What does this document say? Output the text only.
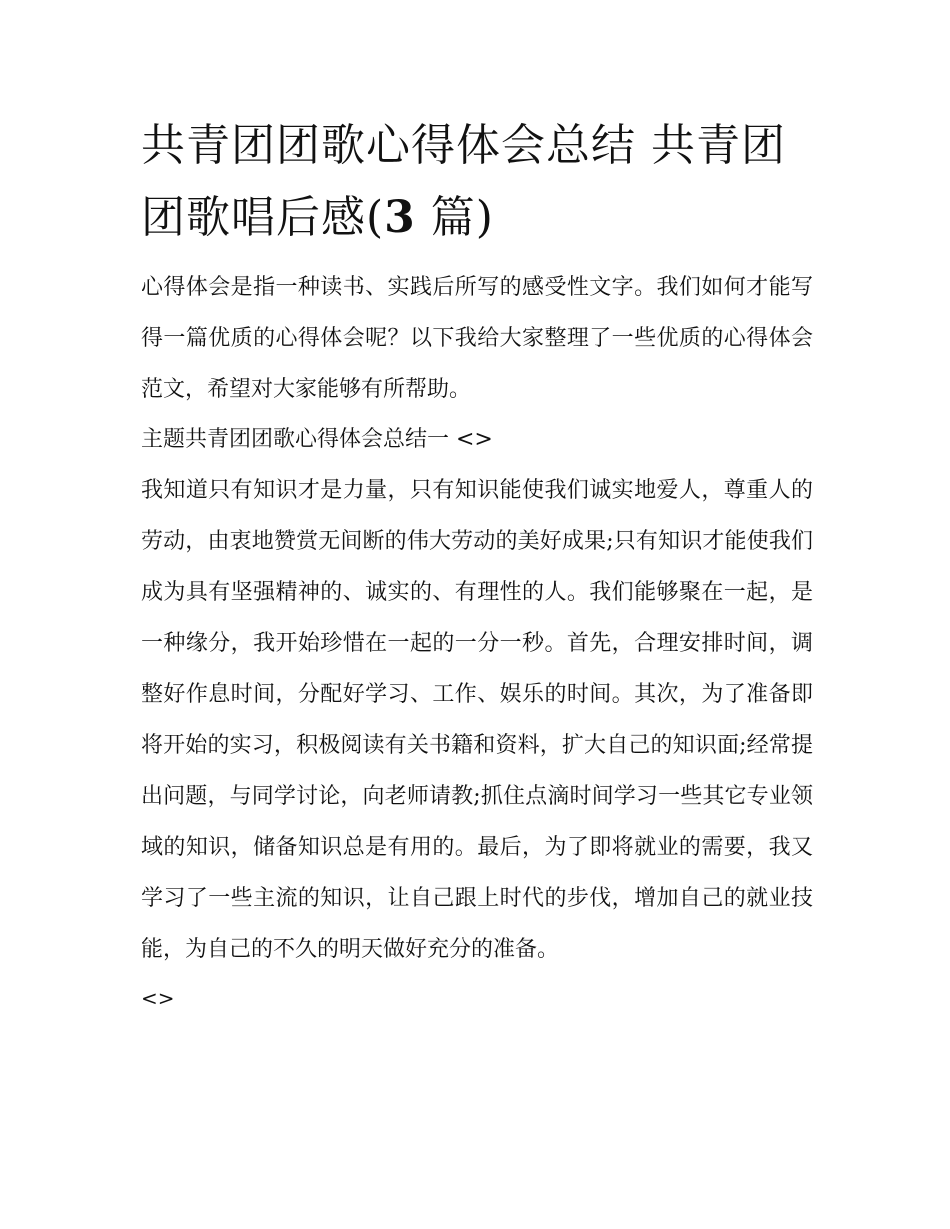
共青团团歌心得体会总结 共青团团歌唱后感(3 篇)

心得体会是指一种读书、实践后所写的感受性文字。我们如何才能写得一篇优质的心得体会呢？以下我给大家整理了一些优质的心得体会范文，希望对大家能够有所帮助。

主题共青团团歌心得体会总结一 <>

我知道只有知识才是力量，只有知识能使我们诚实地爱人，尊重人的劳动，由衷地赞赏无间断的伟大劳动的美好成果;只有知识才能使我们成为具有坚强精神的、诚实的、有理性的人。我们能够聚在一起，是一种缘分，我开始珍惜在一起的一分一秒。首先，合理安排时间，调整好作息时间，分配好学习、工作、娱乐的时间。其次，为了准备即将开始的实习，积极阅读有关书籍和资料，扩大自己的知识面;经常提出问题，与同学讨论，向老师请教;抓住点滴时间学习一些其它专业领域的知识，储备知识总是有用的。最后，为了即将就业的需要，我又学习了一些主流的知识，让自己跟上时代的步伐，增加自己的就业技能，为自己的不久的明天做好充分的准备。

<>
